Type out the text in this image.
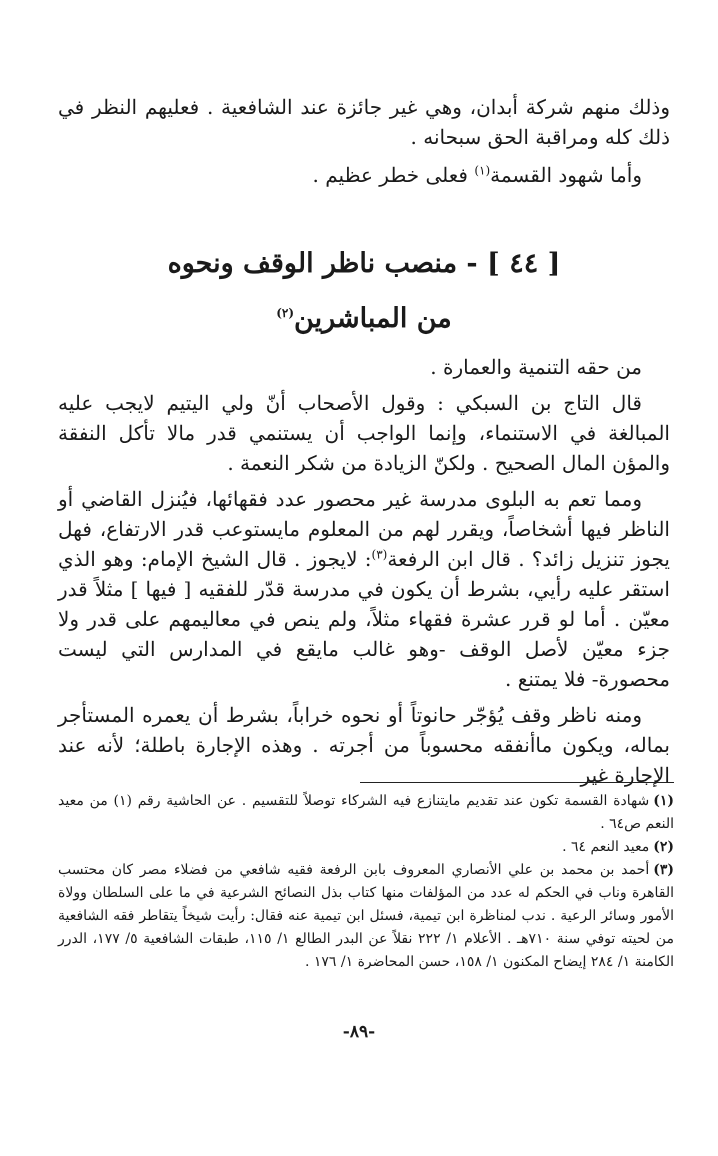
وذلك منهم شركة أبدان، وهي غير جائزة عند الشافعية . فعليهم النظر في ذلك كله ومراقبة الحق سبحانه .

وأما شهود القسمة$^{(١)}$ فعلى خطر عظيم .

[ ٤٤ ] - منصب ناظر الوقف ونحوه
من المباشرين$^{(٢)}$

من حقه التنمية والعمارة .

قال التاج بن السبكي : وقول الأصحاب أنّ ولي اليتيم لايجب عليه المبالغة في الاستنماء، وإنما الواجب أن يستنمي قدر مالا تأكل النفقة والمؤن المال الصحيح . ولكنّ الزيادة من شكر النعمة .

ومما تعم به البلوى مدرسة غير محصور عدد فقهائها، فيُنزل القاضي أو الناظر فيها أشخاصاً، ويقرر لهم من المعلوم مايستوعب قدر الارتفاع، فهل يجوز تنزيل زائد؟ . قال ابن الرفعة$^{(٣)}$: لايجوز . قال الشيخ الإمام: وهو الذي استقر عليه رأيي، بشرط أن يكون في مدرسة قدّر للفقيه [ فيها ] مثلاً قدر معيّن . أما لو قرر عشرة فقهاء مثلاً، ولم ينص في معاليمهم على قدر ولا جزء معيّن لأصل الوقف -وهو غالب مايقع في المدارس التي ليست محصورة- فلا يمتنع .

ومنه ناظر وقف يُؤجّر حانوتاً أو نحوه خراباً، بشرط أن يعمره المستأجر بماله، ويكون ماأنفقه محسوباً من أجرته . وهذه الإجارة باطلة؛ لأنه عند الإجارة غير

(١)شهادة القسمة تكون عند تقديم مايتنازع فيه الشركاء توصلاً للتقسيم . عن الحاشية رقم (١) من معيد النعم ص٦٤ .

(٢)معيد النعم ٦٤ .

(٣)أحمد بن محمد بن علي الأنصاري المعروف بابن الرفعة فقيه شافعي من فضلاء مصر كان محتسب القاهرة وناب في الحكم له عدد من المؤلفات منها كتاب بذل النصائح الشرعية في ما على السلطان وولاة الأمور وسائر الرعية . ندب لمناظرة ابن تيمية، فسئل ابن تيمية عنه فقال: رأيت شيخاً يتقاطر فقه الشافعية من لحيته توفي سنة ٧١٠هـ . الأعلام ١/ ٢٢٢ نقلاً عن البدر الطالع ١/ ١١٥، طبقات الشافعية ٥/ ١٧٧، الدرر الكامنة ١/ ٢٨٤ إيضاح المكنون ١/ ١٥٨، حسن المحاضرة ١/ ١٧٦ .

-٨٩-
